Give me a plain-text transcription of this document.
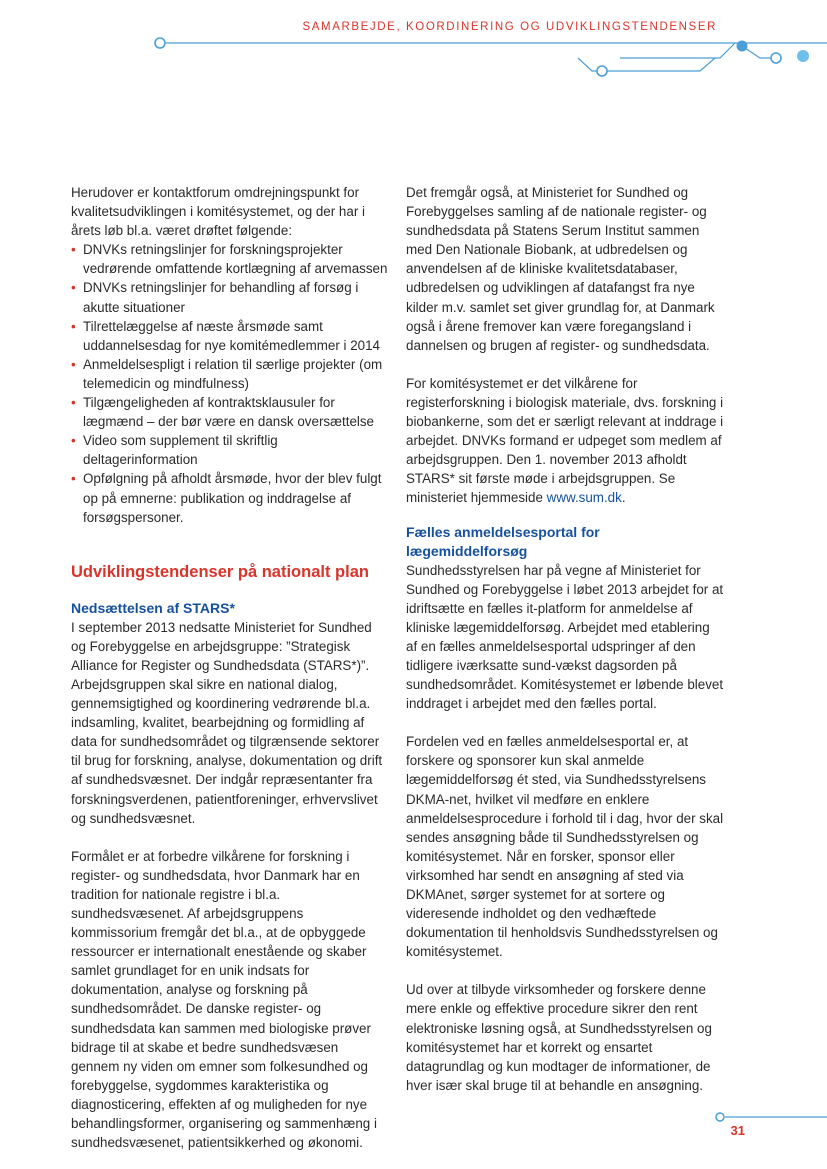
SAMARBEJDE, KOORDINERING OG UDVIKLINGSTENDENSER

Herudover er kontaktforum omdrejningspunkt for kvalitetsudviklingen i komitésystemet, og der har i årets løb bl.a. været drøftet følgende:

• DNVKs retningslinjer for forskningsprojekter vedrørende omfattende kortlægning af arvemassen
• DNVKs retningslinjer for behandling af forsøg i akutte situationer
• Tilrettelæggelse af næste årsmøde samt uddannelsesdag for nye komitémedlemmer i 2014
• Anmeldelsespligt i relation til særlige projekter (om telemedicin og mindfulness)
• Tilgængeligheden af kontraktsklausuler for lægmænd – der bør være en dansk oversættelse
• Video som supplement til skriftlig deltagerinformation
• Opfølgning på afholdt årsmøde, hvor der blev fulgt op på emnerne: publikation og inddragelse af forsøgspersoner.
Udviklingstendenser på nationalt plan
Nedsættelsen af STARS*

I september 2013 nedsatte Ministeriet for Sundhed og Forebyggelse en arbejdsgruppe: ”Strategisk Alliance for Register og Sundhedsdata (STARS*)”. Arbejdsgruppen skal sikre en national dialog, gennemsigtighed og koordinering vedrørende bl.a. indsamling, kvalitet, bearbejdning og formidling af data for sundhedsområdet og tilgrænsende sektorer til brug for forskning, analyse, dokumentation og drift af sundhedsvæsnet. Der indgår repræsentanter fra forskningsverdenen, patientforeninger, erhvervslivet og sundhedsvæsnet.

Formålet er at forbedre vilkårene for forskning i register- og sundhedsdata, hvor Danmark har en tradition for nationale registre i bl.a. sundhedsvæsenet. Af arbejdsgruppens kommissorium fremgår det bl.a., at de opbyggede ressourcer er internationalt enestående og skaber samlet grundlaget for en unik indsats for dokumentation, analyse og forskning på sundhedsområdet. De danske register- og sundhedsdata kan sammen med biologiske prøver bidrage til at skabe et bedre sundhedsvæsen gennem ny viden om emner som folkesundhed og forebyggelse, sygdommes karakteristika og diagnosticering, effekten af og muligheden for nye behandlingsformer, organisering og sammenhæng i sundhedsvæsenet, patientsikkerhed og økonomi.

Det fremgår også, at Ministeriet for Sundhed og Forebyggelses samling af de nationale register- og sundhedsdata på Statens Serum Institut sammen med Den Nationale Biobank, at udbredelsen og anvendelsen af de kliniske kvalitetsdatabaser, udbredelsen og udviklingen af datafangst fra nye kilder m.v. samlet set giver grundlag for, at Danmark også i årene fremover kan være foregangsland i dannelsen og brugen af register- og sundhedsdata.

For komitésystemet er det vilkårene for registerforskning i biologisk materiale, dvs. forskning i biobankerne, som det er særligt relevant at inddrage i arbejdet. DNVKs formand er udpeget som medlem af arbejdsgruppen. Den 1. november 2013 afholdt STARS* sit første møde i arbejdsgruppen. Se ministeriet hjemmeside www.sum.dk.

Fælles anmeldelsesportal for lægemiddelforsøg

Sundhedsstyrelsen har på vegne af Ministeriet for Sundhed og Forebyggelse i løbet 2013 arbejdet for at idriftsætte en fælles it-platform for anmeldelse af kliniske lægemiddelforsøg. Arbejdet med etablering af en fælles anmeldelsesportal udspringer af den tidligere iværksatte sund-vækst dagsorden på sundhedsområdet. Komitésystemet er løbende blevet inddraget i arbejdet med den fælles portal.

Fordelen ved en fælles anmeldelsesportal er, at forskere og sponsorer kun skal anmelde lægemiddelforsøg ét sted, via Sundhedsstyrelsens DKMA-net, hvilket vil medføre en enklere anmeldelsesprocedure i forhold til i dag, hvor der skal sendes ansøgning både til Sundhedsstyrelsen og komitésystemet. Når en forsker, sponsor eller virksomhed har sendt en ansøgning af sted via DKMAnet, sørger systemet for at sortere og videresende indholdet og den vedhæftede dokumentation til henholdsvis Sundhedsstyrelsen og komitésystemet.

Ud over at tilbyde virksomheder og forskere denne mere enkle og effektive procedure sikrer den rent elektroniske løsning også, at Sundhedsstyrelsen og komitésystemet har et korrekt og ensartet datagrundlag og kun modtager de informationer, de hver især skal bruge til at behandle en ansøgning.

31
